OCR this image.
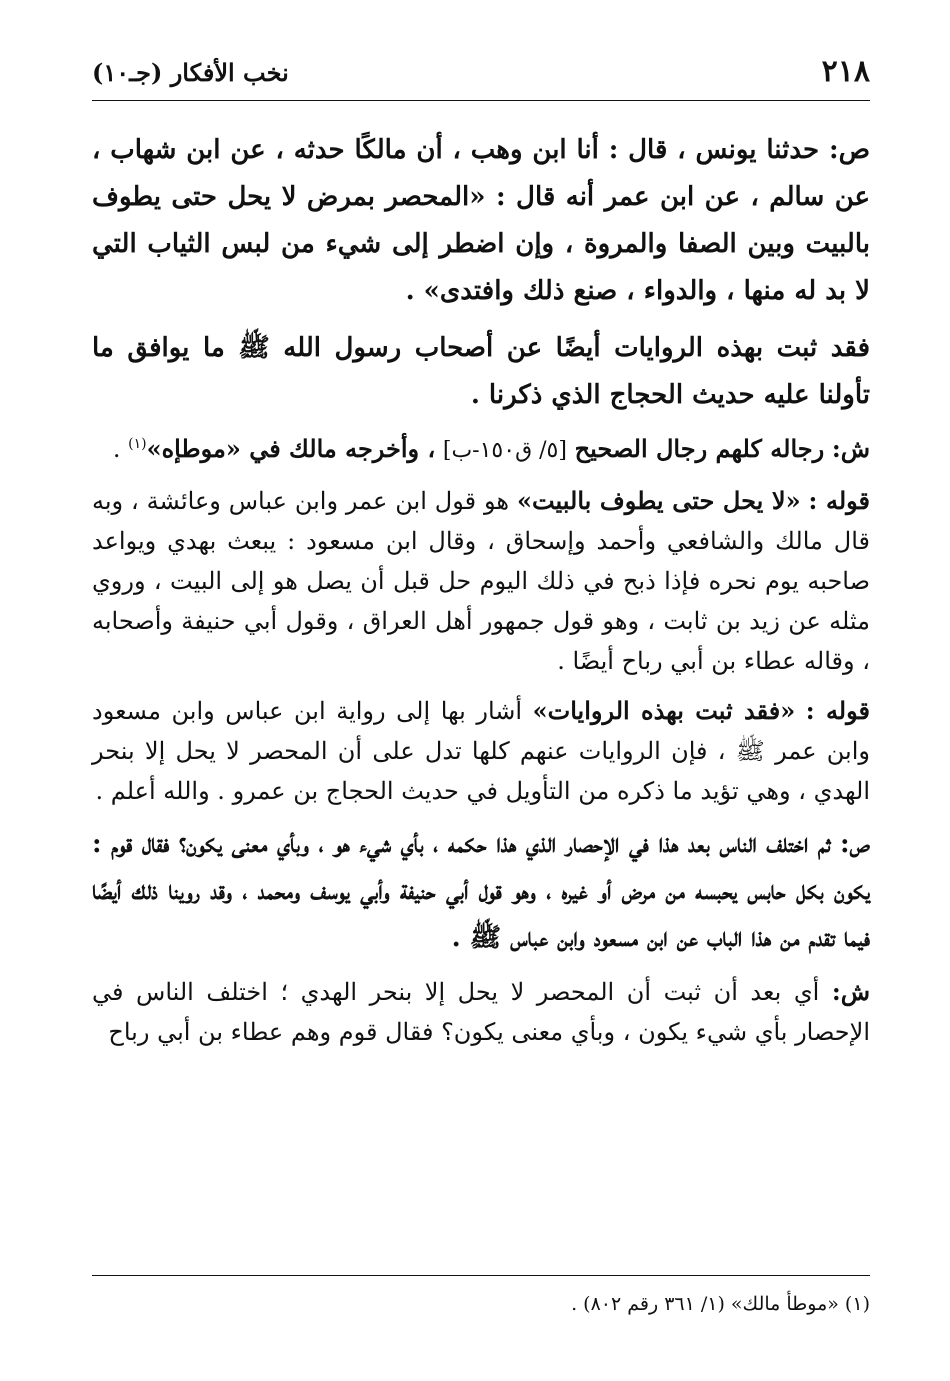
٢١٨
نخب الأفكار (جـ١٠)

ص: حدثنا يونس ، قال : أنا ابن وهب ، أن مالكًا حدثه ، عن ابن شهاب ، عن سالم ، عن ابن عمر أنه قال : «المحصر بمرض لا يحل حتى يطوف بالبيت وبين الصفا والمروة ، وإن اضطر إلى شيء من لبس الثياب التي لا بد له منها ، والدواء ، صنع ذلك وافتدى» .

فقد ثبت بهذه الروايات أيضًا عن أصحاب رسول الله ﷺ ما يوافق ما تأولنا عليه حديث الحجاج الذي ذكرنا .

ش: رجاله كلهم رجال الصحيح [٥/ ق١٥٠-ب] ، وأخرجه مالك في «موطإه»$^{(١)}$ .

قوله : «لا يحل حتى يطوف بالبيت» هو قول ابن عمر وابن عباس وعائشة ، وبه قال مالك والشافعي وأحمد وإسحاق ، وقال ابن مسعود : يبعث بهدي ويواعد صاحبه يوم نحره فإذا ذبح في ذلك اليوم حل قبل أن يصل هو إلى البيت ، وروي مثله عن زيد بن ثابت ، وهو قول جمهور أهل العراق ، وقول أبي حنيفة وأصحابه ، وقاله عطاء بن أبي رباح أيضًا .

قوله : «فقد ثبت بهذه الروايات» أشار بها إلى رواية ابن عباس وابن مسعود وابن عمر ﷺ ، فإن الروايات عنهم كلها تدل على أن المحصر لا يحل إلا بنحر الهدي ، وهي تؤيد ما ذكره من التأويل في حديث الحجاج بن عمرو . والله أعلم .

ص: ثم اختلف الناس بعد هذا في الإحصار الذي هذا حكمه ، بأي شيء هو ، وبأي معنى يكون؟ فقال قوم : يكون بكل حابس يحبسه من مرض أو غيره ، وهو قول أبي حنيفة وأبي يوسف ومحمد ، وقد روينا ذلك أيضًا فيما تقدم من هذا الباب عن ابن مسعود وابن عباس ﷺ .

ش: أي بعد أن ثبت أن المحصر لا يحل إلا بنحر الهدي ؛ اختلف الناس في الإحصار بأي شيء يكون ، وبأي معنى يكون؟ فقال قوم وهم عطاء بن أبي رباح

(١) «موطأ مالك» (١/ ٣٦١ رقم ٨٠٢) .
